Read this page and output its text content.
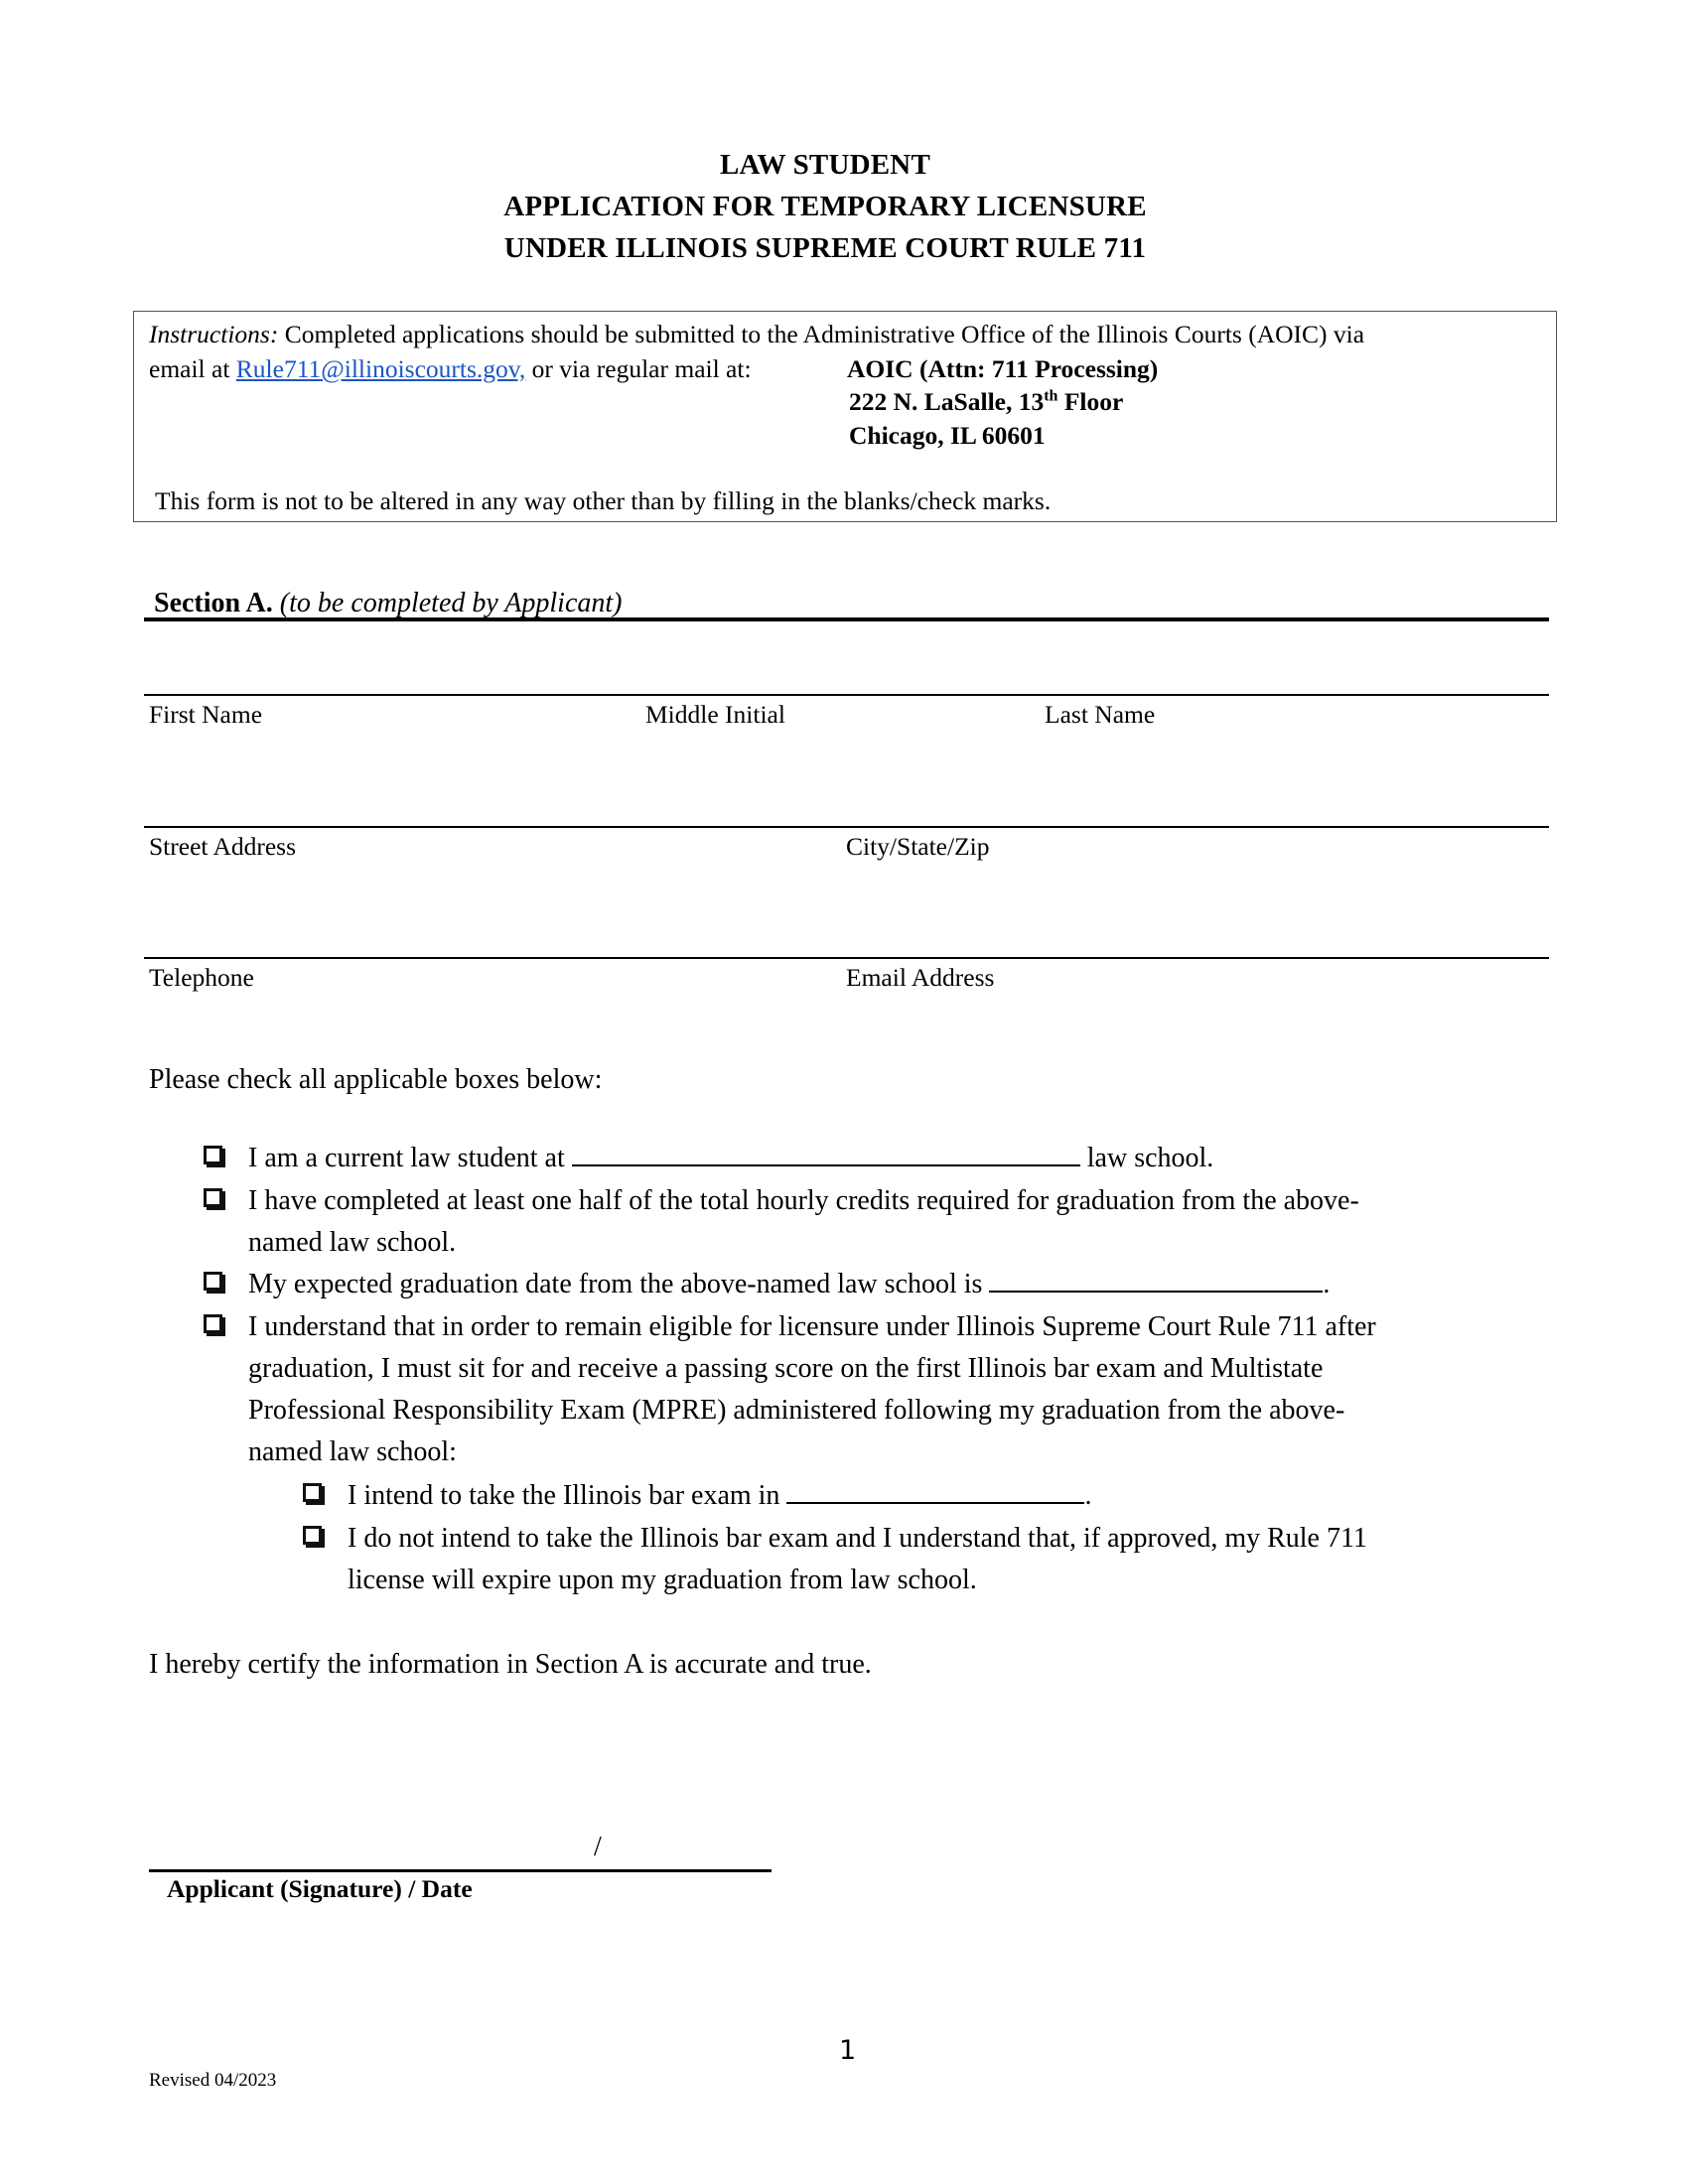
LAW STUDENT
APPLICATION FOR TEMPORARY LICENSURE
UNDER ILLINOIS SUPREME COURT RULE 711
Instructions: Completed applications should be submitted to the Administrative Office of the Illinois Courts (AOIC) via
email at Rule711@illinoiscourts.gov, or via regular mail at:	AOIC (Attn: 711 Processing)
222 N. LaSalle, 13th Floor
Chicago, IL 60601
This form is not to be altered in any way other than by filling in the blanks/check marks.
Section A. (to be completed by Applicant)
First Name	Middle Initial	Last Name
Street Address	City/State/Zip
Telephone	Email Address
Please check all applicable boxes below:
I am a current law student at	law school.
I have completed at least one half of the total hourly credits required for graduation from the above-
named law school.
My expected graduation date from the above-named law school is	.
I understand that in order to remain eligible for licensure under Illinois Supreme Court Rule 711 after
graduation, I must sit for and receive a passing score on the first Illinois bar exam and Multistate
Professional Responsibility Exam (MPRE) administered following my graduation from the above-
named law school:
I intend to take the Illinois bar exam in	.
I do not intend to take the Illinois bar exam and I understand that, if approved, my Rule 711
license will expire upon my graduation from law school.
I hereby certify the information in Section A is accurate and true.
/
Applicant (Signature) / Date
1
Revised 04/2023
